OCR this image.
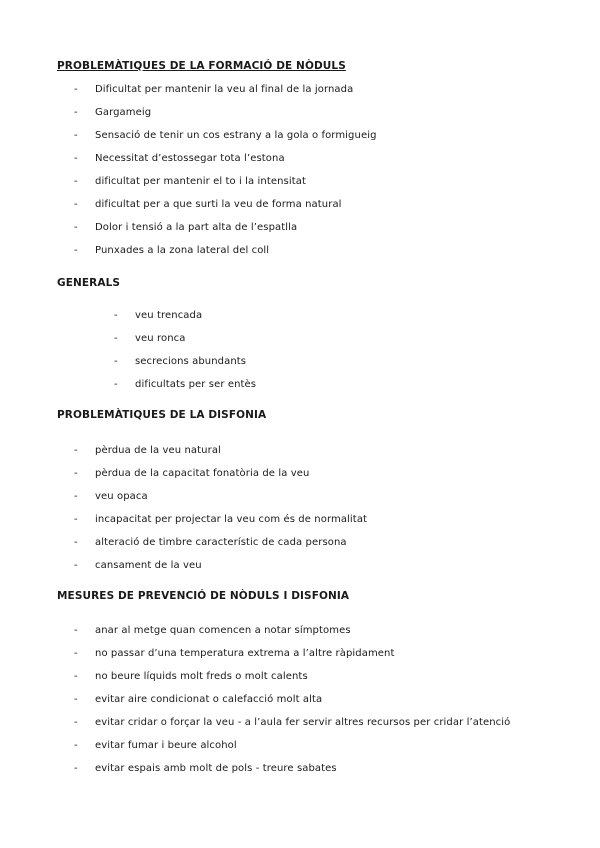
PROBLEMÀTIQUES DE LA FORMACIÓ DE NÒDULS
-	Dificultat per mantenir la veu al final de la jornada
-	Gargameig
-	Sensació de tenir un cos estrany a la gola o formigueig
-	Necessitat d’estossegar tota l’estona
-	dificultat per mantenir el to i la intensitat
-	dificultat per a que surti la veu de forma natural
-	Dolor i tensió a la part alta de l’espatlla
-	Punxades a la zona lateral del coll
GENERALS
-	veu trencada
-	veu ronca
-	secrecions abundants
-	dificultats per ser entès
PROBLEMÀTIQUES DE LA DISFONIA
-	pèrdua de la veu natural
-	pèrdua de la capacitat fonatòria de la veu
-	veu opaca
-	incapacitat per projectar la veu com és de normalitat
-	alteració de timbre característic de cada persona
-	cansament de la veu
MESURES DE PREVENCIÓ DE NÒDULS I DISFONIA
-	anar al metge quan comencen a notar símptomes
-	no passar d’una temperatura extrema a l’altre ràpidament
-	no beure líquids molt freds o molt calents
-	evitar aire condicionat o calefacció molt alta
-	evitar cridar o forçar la veu - a l’aula fer servir altres recursos per cridar l’atenció
-	evitar fumar i beure alcohol
-	evitar espais amb molt de pols - treure sabates
